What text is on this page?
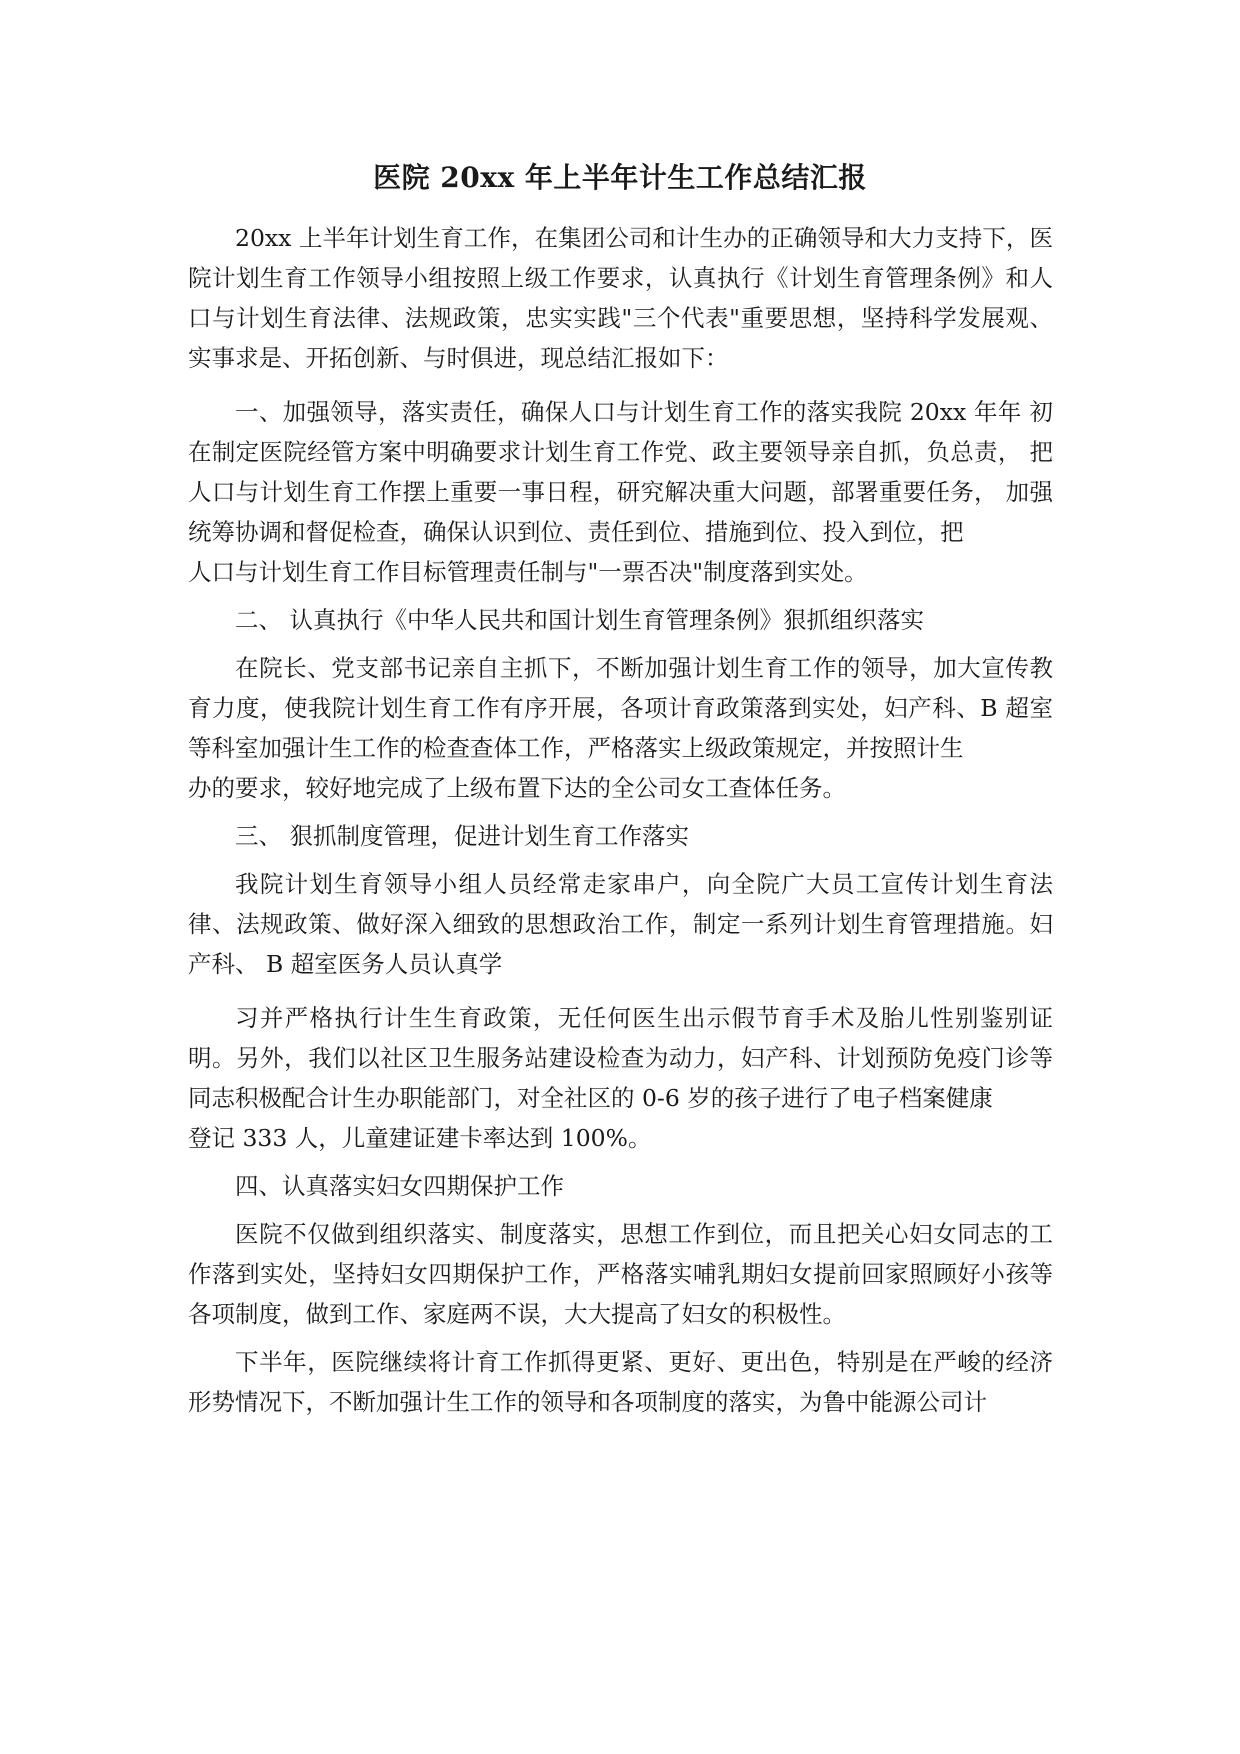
医院 20xx 年上半年计生工作总结汇报

20xx 上半年计划生育工作，在集团公司和计生办的正确领导和大力支持下，医院计划生育工作领导小组按照上级工作要求，认真执行《计划生育管理条例》和人口与计划生育法律、法规政策，忠实实践"三个代表"重要思想，坚持科学发展观、实事求是、开拓创新、与时俱进，现总结汇报如下：

一、加强领导，落实责任，确保人口与计划生育工作的落实我院 20xx 年年 初在制定医院经管方案中明确要求计划生育工作党、政主要领导亲自抓，负总责， 把人口与计划生育工作摆上重要一事日程，研究解决重大问题，部署重要任务， 加强统筹协调和督促检查，确保认识到位、责任到位、措施到位、投入到位，把

人口与计划生育工作目标管理责任制与"一票否决"制度落到实处。

二、 认真执行《中华人民共和国计划生育管理条例》狠抓组织落实

在院长、党支部书记亲自主抓下，不断加强计划生育工作的领导，加大宣传教育力度，使我院计划生育工作有序开展，各项计育政策落到实处，妇产科、B 超室等科室加强计生工作的检查查体工作，严格落实上级政策规定，并按照计生

办的要求，较好地完成了上级布置下达的全公司女工查体任务。

三、 狠抓制度管理，促进计划生育工作落实

我院计划生育领导小组人员经常走家串户，向全院广大员工宣传计划生育法律、法规政策、做好深入细致的思想政治工作，制定一系列计划生育管理措施。妇产科、 B 超室医务人员认真学

习并严格执行计生生育政策，无任何医生出示假节育手术及胎儿性别鉴别证明。另外，我们以社区卫生服务站建设检查为动力，妇产科、计划预防免疫门诊等同志积极配合计生办职能部门，对全社区的 0-6 岁的孩子进行了电子档案健康

登记 333 人，儿童建证建卡率达到 100%。

四、认真落实妇女四期保护工作

医院不仅做到组织落实、制度落实，思想工作到位，而且把关心妇女同志的工作落到实处，坚持妇女四期保护工作，严格落实哺乳期妇女提前回家照顾好小孩等各项制度，做到工作、家庭两不误，大大提高了妇女的积极性。

下半年，医院继续将计育工作抓得更紧、更好、更出色，特别是在严峻的经济形势情况下，不断加强计生工作的领导和各项制度的落实，为鲁中能源公司计
